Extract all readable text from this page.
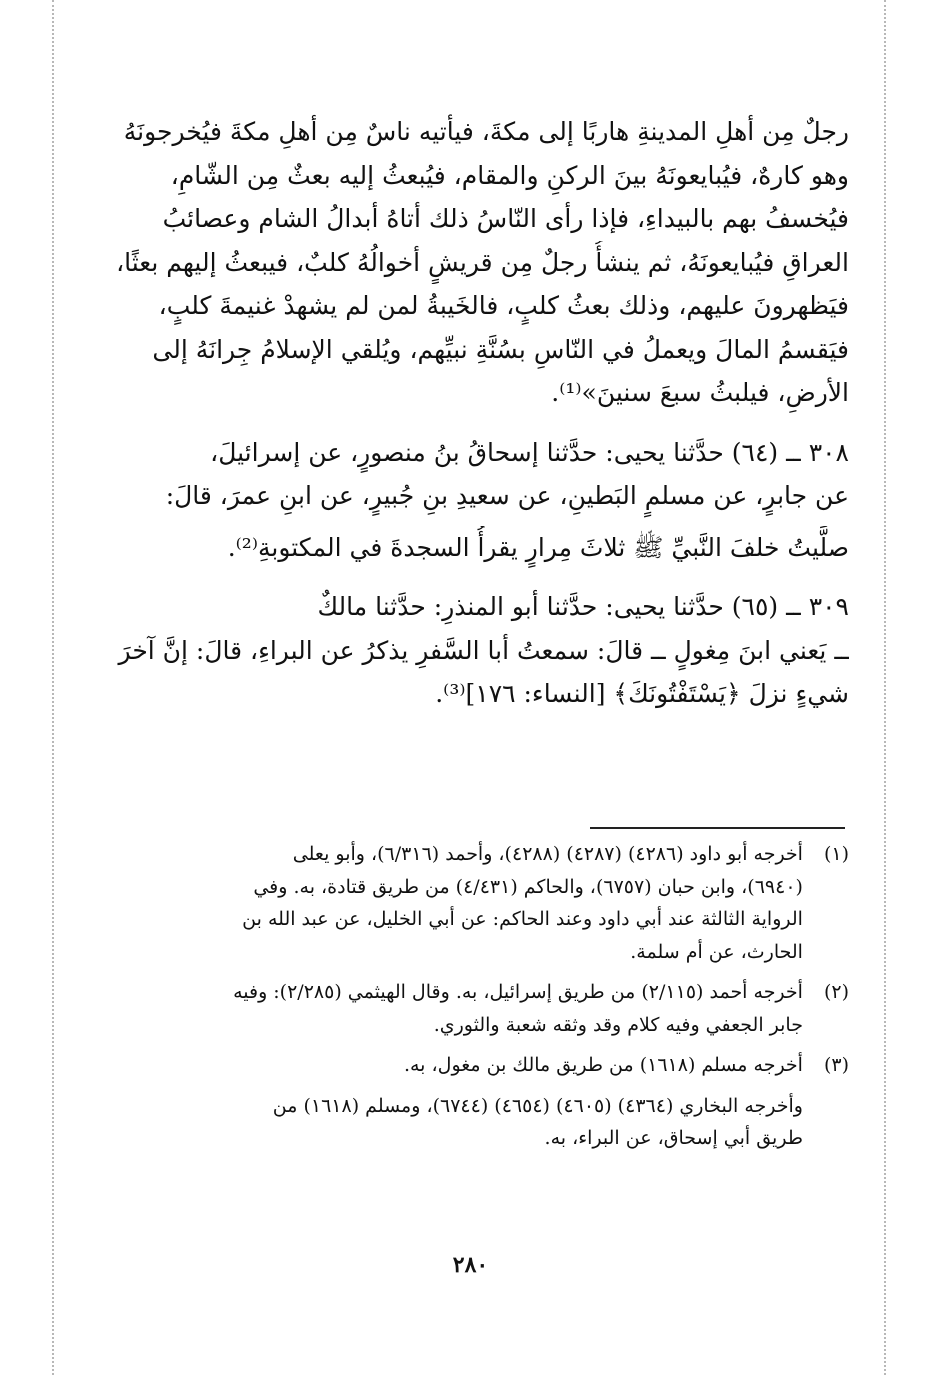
رجلٌ مِن أهلِ المدينةِ هاربًا إلى مكةَ، فيأتيه ناسٌ مِن أهلِ مكةَ فيُخرجونَهُ
وهو كارهٌ، فيُبايعونَهُ بينَ الركنِ والمقام، فيُبعثُ إليه بعثٌ مِن الشّامِ،
فيُخسفُ بهم بالبيداءِ، فإذا رأى النّاسُ ذلك أتاهُ أبدالُ الشام وعصائبُ
العراقِ فيُبايعونَهُ، ثم ينشأُ رجلٌ مِن قريشٍ أخوالُهُ كلبٌ، فيبعثُ إليهم بعثًا،
فيَظهرونَ عليهم، وذلك بعثُ كلبٍ، فالخَيبةُ لمن لم يشهدْ غنيمةَ كلبٍ،
فيَقسمُ المالَ ويعملُ في النّاسِ بسُنَّةِ نبيِّهم، ويُلقي الإسلامُ جِرانَهُ إلى
الأرضِ، فيلبثُ سبعَ سنينَ»⁽¹⁾.
٣٠٨ ــ (٦٤) حدَّثنا يحيى: حدَّثنا إسحاقُ بنُ منصورٍ، عن إسرائيلَ،
عن جابرٍ، عن مسلمٍ البَطينِ، عن سعيدِ بنِ جُبيرٍ، عن ابنِ عمرَ، قالَ:
صلَّيتُ خلفَ النَّبيِّ ﷺ ثلاثَ مِرارٍ يقرأُ السجدةَ في المكتوبةِ⁽²⁾.
٣٠٩ ــ (٦٥) حدَّثنا يحيى: حدَّثنا أبو المنذرِ: حدَّثنا مالكٌ
ــ يَعني ابنَ مِغولٍ ــ قالَ: سمعتُ أبا السَّفرِ يذكرُ عن البراءِ، قالَ: إنَّ آخرَ
شيءٍ نزلَ ﴿يَسْتَفْتُونَكَ﴾ [النساء: ١٧٦]⁽³⁾.
(١) أخرجه أبو داود (٤٢٨٦) (٤٢٨٧) (٤٢٨٨)، وأحمد (٦/٣١٦)، وأبو يعلى
(٦٩٤٠)، وابن حبان (٦٧٥٧)، والحاكم (٤/٤٣١) من طريق قتادة، به. وفي
الرواية الثالثة عند أبي داود وعند الحاكم: عن أبي الخليل، عن عبد الله بن
الحارث، عن أم سلمة.
(٢) أخرجه أحمد (٢/١١٥) من طريق إسرائيل، به. وقال الهيثمي (٢/٢٨٥): وفيه
جابر الجعفي وفيه كلام وقد وثقه شعبة والثوري.
(٣) أخرجه مسلم (١٦١٨) من طريق مالك بن مغول، به.
وأخرجه البخاري (٤٣٦٤) (٤٦٠٥) (٤٦٥٤) (٦٧٤٤)، ومسلم (١٦١٨) من
طريق أبي إسحاق، عن البراء، به.
٢٨٠
